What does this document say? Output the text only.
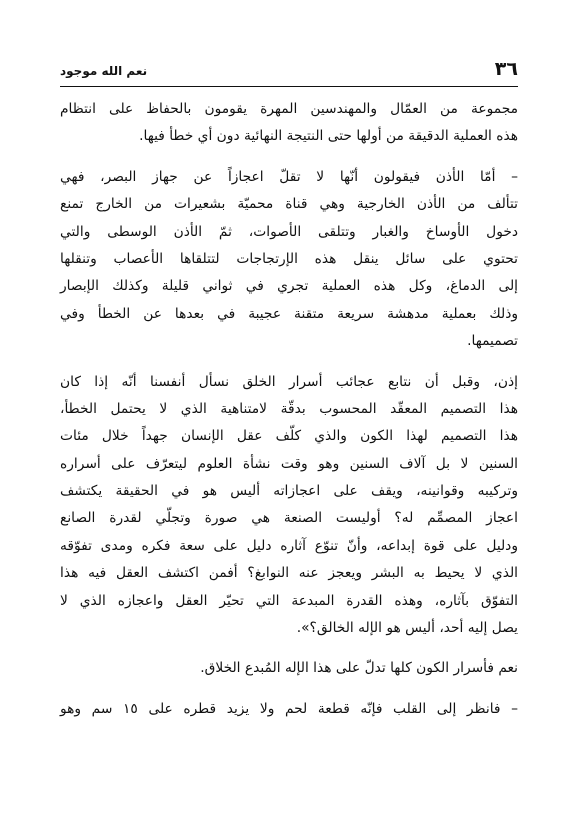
نعم الله موجود	٣٦
مجموعة من العمّال والمهندسين المهرة يقومون بالحفاظ على انتظام
هذه العملية الدقيقة من أولها حتى النتيجة النهائية دون أي خطأ فيها.
– أمّا الأذن فيقولون أنّها لا تقلّ اعجازاً عن جهاز البصر، فهي
تتألف من الأذن الخارجية وهي قناة محميّة بشعيرات من الخارج تمنع
دخول الأوساخ والغبار وتتلقى الأصوات، ثمّ الأذن الوسطى والتي
تحتوي على سائل ينقل هذه الإرتجاجات لتتلقاها الأعصاب وتنقلها
إلى الدماغ، وكل هذه العملية تجري في ثواني قليلة وكذلك الإبصار
وذلك بعملية مدهشة سريعة متقنة عجيبة في بعدها عن الخطأ وفي
تصميمها.
إذن، وقبل أن نتابع عجائب أسرار الخلق نسأل أنفسنا أنّه إذا كان
هذا التصميم المعقّد المحسوب بدقّة لامتناهية الذي لا يحتمل الخطأ،
هذا التصميم لهذا الكون والذي كلّف عقل الإنسان جهداً خلال مئات
السنين لا بل آلاف السنين وهو وقت نشأة العلوم ليتعرّف على أسراره
وتركيبه وقوانينه، ويقف على اعجازاته أليس هو في الحقيقة يكتشف
اعجاز المصمِّم له؟ أوليست الصنعة هي صورة وتجلّي لقدرة الصانع
ودليل على قوة إبداعه، وأنّ تنوّع آثاره دليل على سعة فكره ومدى تفوّقه
الذي لا يحيط به البشر ويعجز عنه النوابغ؟ أفمن اكتشف العقل فيه هذا
التفوّق بآثاره، وهذه القدرة المبدعة التي تحيّر العقل واعجازه الذي لا
يصل إليه أحد، أليس هو الإله الخالق؟».
نعم فأسرار الكون كلها تدلّ على هذا الإله المُبدع الخلاق.
– فانظر إلى القلب فإنّه قطعة لحم ولا يزيد قطره على ١٥ سم وهو
